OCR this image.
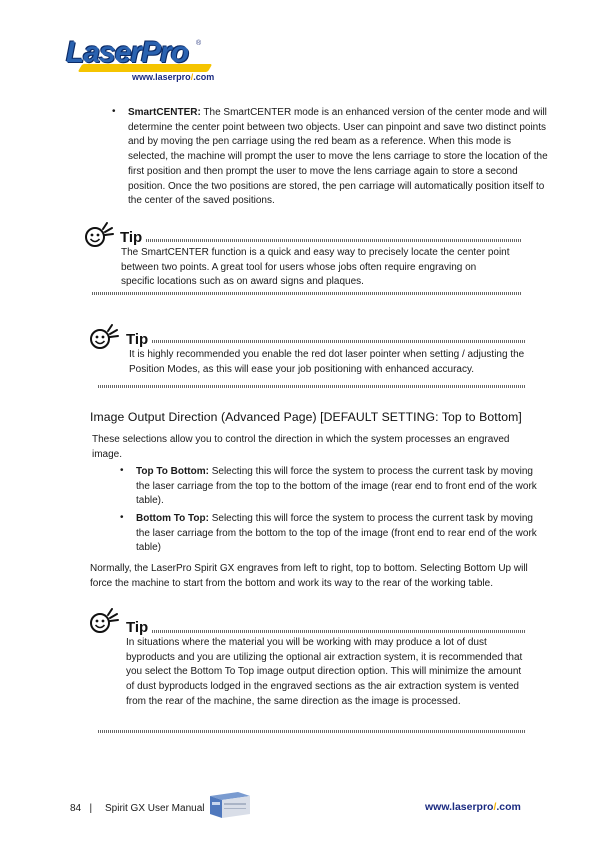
LaserPro ®
www.laserpro/.com
• SmartCENTER: The SmartCENTER mode is an enhanced version of the center mode and will determine the center point between two objects. User can pinpoint and save two distinct points and by moving the pen carriage using the red beam as a reference. When this mode is selected, the machine will prompt the user to move the lens carriage to store the location of the first position and then prompt the user to move the lens carriage again to store a second position. Once the two positions are stored, the pen carriage will automatically position itself to the center of the saved positions.
Tip
The SmartCENTER function is a quick and easy way to precisely locate the center point between two points. A great tool for users whose jobs often require engraving on specific locations such as on award signs and plaques.
Tip
It is highly recommended you enable the red dot laser pointer when setting / adjusting the Position Modes, as this will ease your job positioning with enhanced accuracy.
Image Output Direction (Advanced Page) [DEFAULT SETTING: Top to Bottom]
These selections allow you to control the direction in which the system processes an engraved image.
• Top To Bottom: Selecting this will force the system to process the current task by moving the laser carriage from the top to the bottom of the image (rear end to front end of the work table).
• Bottom To Top: Selecting this will force the system to process the current task by moving the laser carriage from the bottom to the top of the image (front end to rear end of the work table)
Normally, the LaserPro Spirit GX engraves from left to right, top to bottom. Selecting Bottom Up will force the machine to start from the bottom and work its way to the rear of the working table.
Tip
In situations where the material you will be working with may produce a lot of dust byproducts and you are utilizing the optional air extraction system, it is recommended that you select the Bottom To Top image output direction option. This will minimize the amount of dust byproducts lodged in the engraved sections as the air extraction system is vented from the rear of the machine, the same direction as the image is processed.
84 | Spirit GX User Manual	www.laserpro/.com
